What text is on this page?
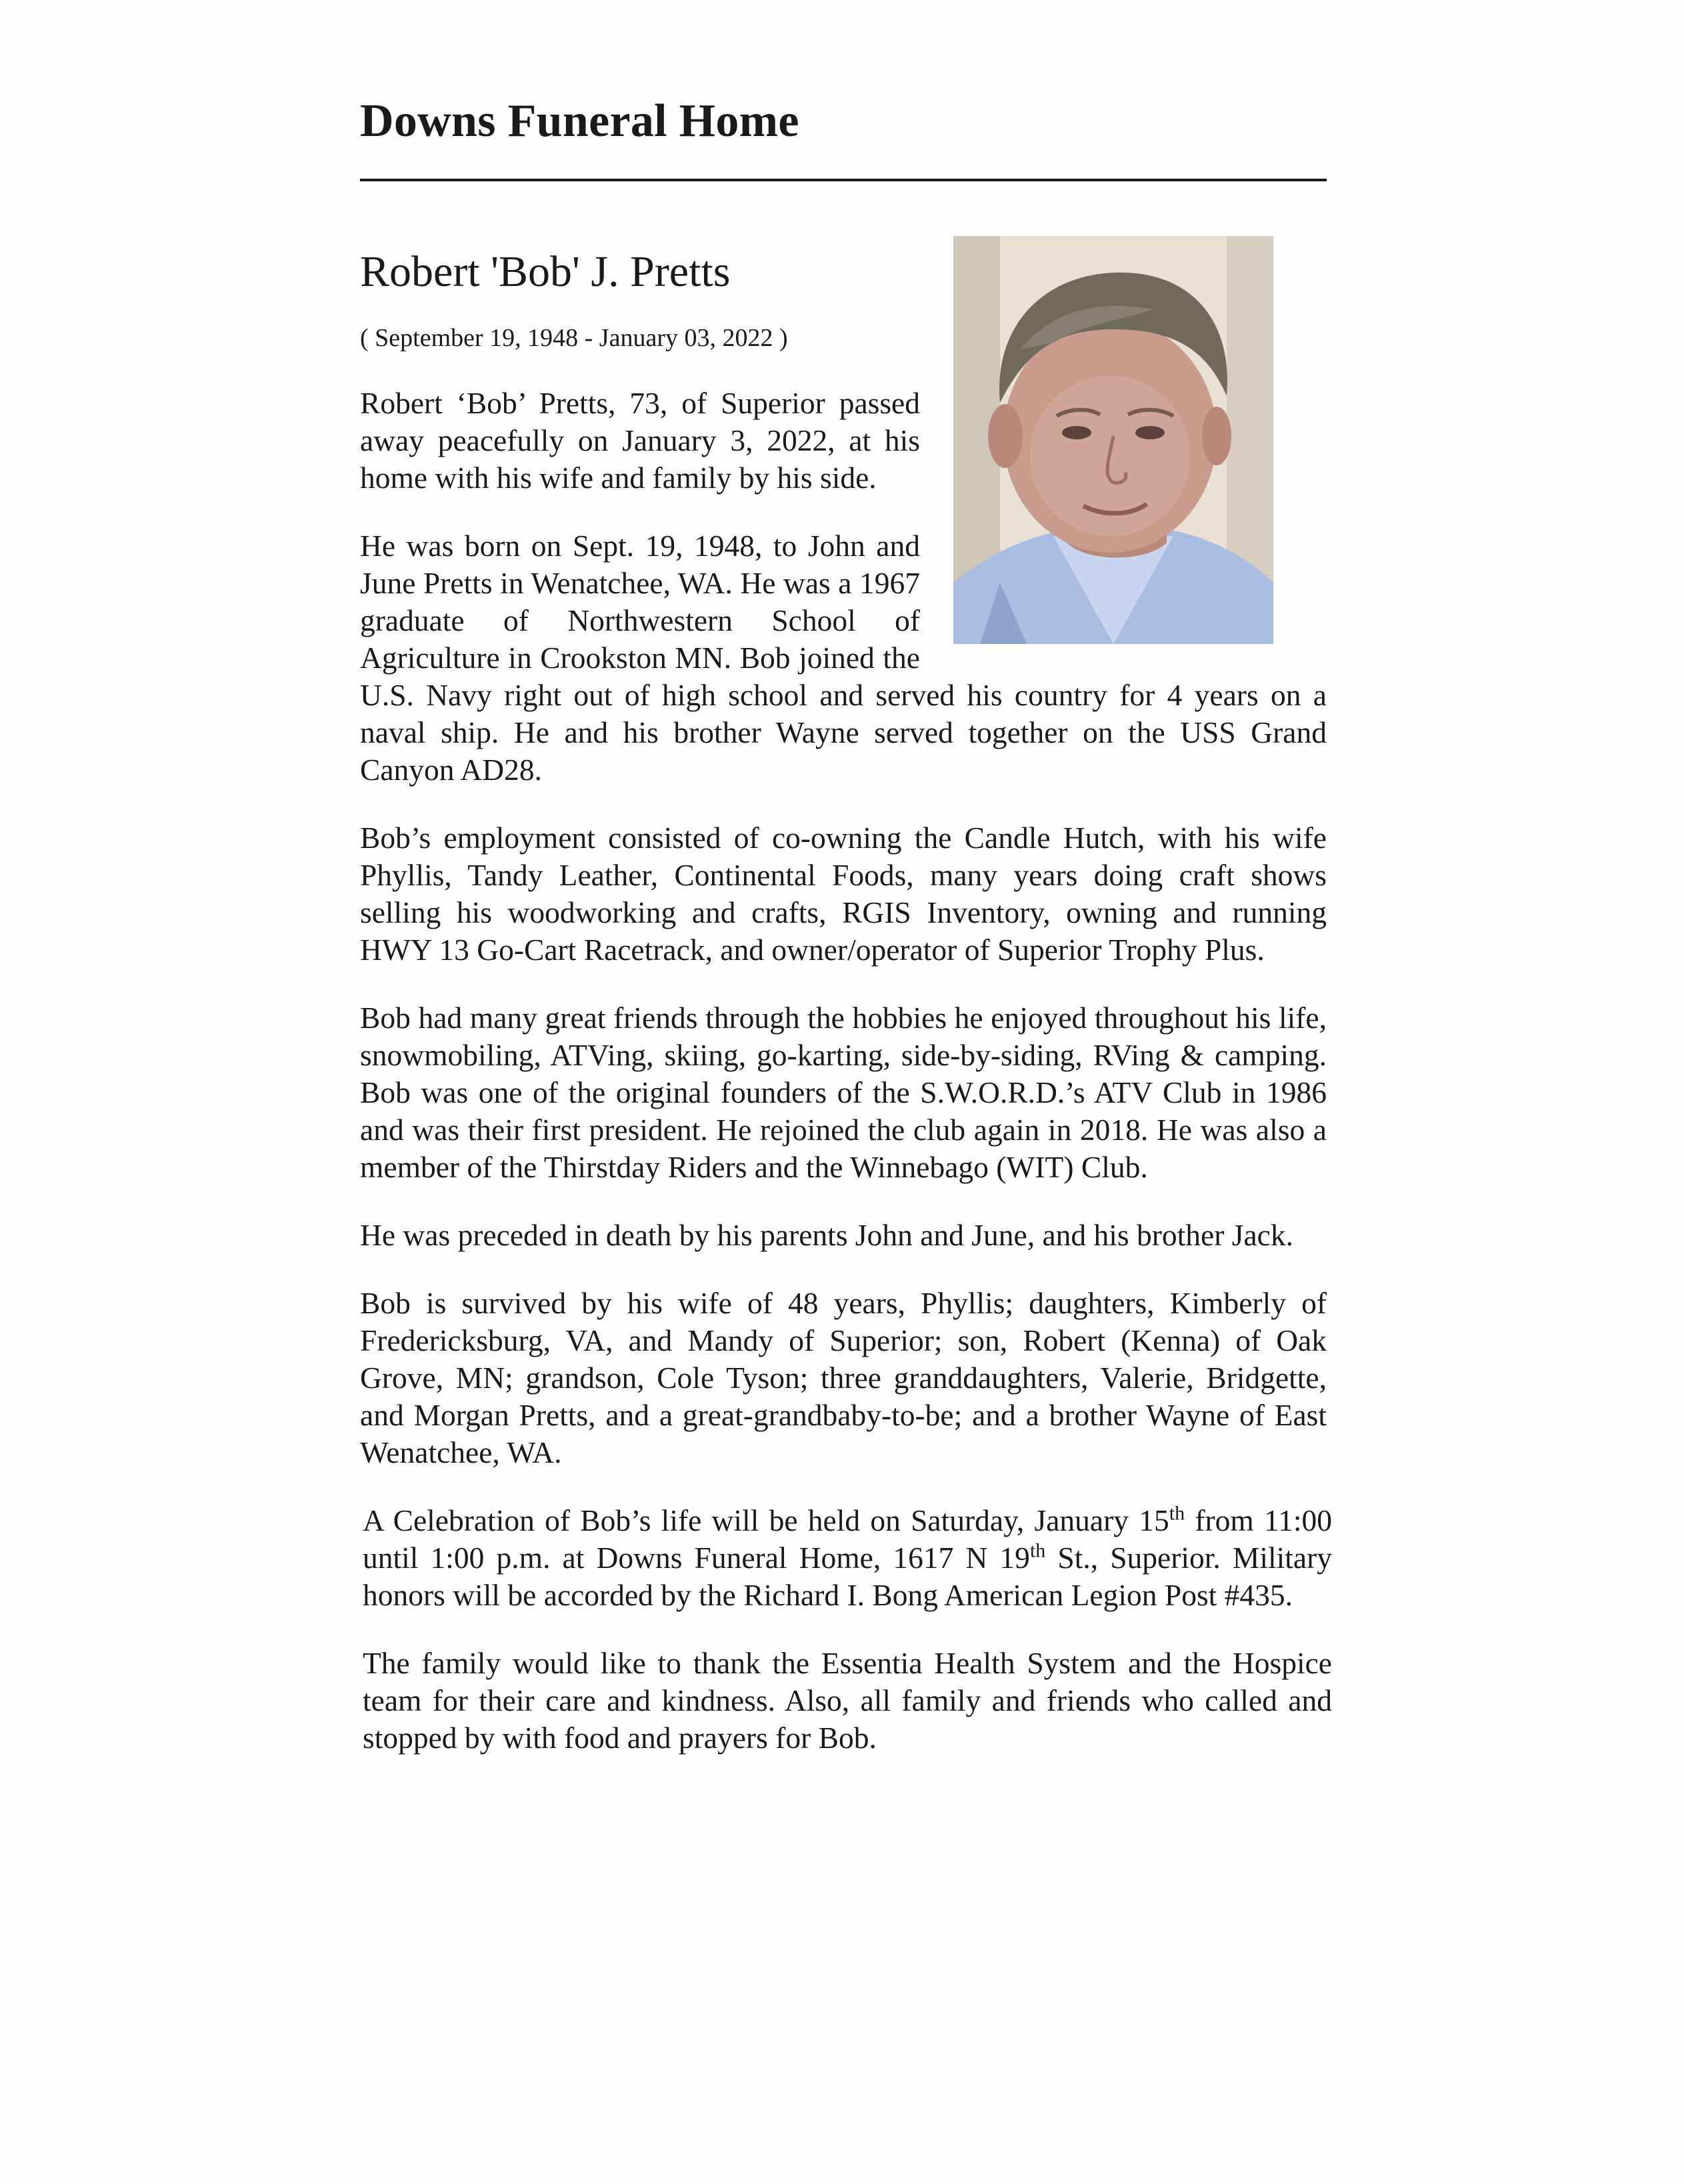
Downs Funeral Home
Robert 'Bob' J. Pretts
( September 19, 1948 - January 03, 2022 )

Robert ‘Bob’ Pretts, 73, of Superior passed away peacefully on January 3, 2022, at his home with his wife and family by his side.

He was born on Sept. 19, 1948, to John and June Pretts in Wenatchee, WA. He was a 1967 graduate of Northwestern School of Agriculture in Crookston MN. Bob joined the U.S. Navy right out of high school and served his country for 4 years on a naval ship. He and his brother Wayne served together on the USS Grand Canyon AD28.

Bob’s employment consisted of co-owning the Candle Hutch, with his wife Phyllis, Tandy Leather, Continental Foods, many years doing craft shows selling his woodworking and crafts, RGIS Inventory, owning and running HWY 13 Go-Cart Racetrack, and owner/operator of Superior Trophy Plus.

Bob had many great friends through the hobbies he enjoyed throughout his life, snowmobiling, ATVing, skiing, go-karting, side-by-siding, RVing & camping. Bob was one of the original founders of the S.W.O.R.D.’s ATV Club in 1986 and was their first president. He rejoined the club again in 2018. He was also a member of the Thirstday Riders and the Winnebago (WIT) Club.

He was preceded in death by his parents John and June, and his brother Jack.

Bob is survived by his wife of 48 years, Phyllis; daughters, Kimberly of Fredericksburg, VA, and Mandy of Superior; son, Robert (Kenna) of Oak Grove, MN; grandson, Cole Tyson; three granddaughters, Valerie, Bridgette, and Morgan Pretts, and a great-grandbaby-to-be; and a brother Wayne of East Wenatchee, WA.

A Celebration of Bob’s life will be held on Saturday, January 15th from 11:00 until 1:00 p.m. at Downs Funeral Home, 1617 N 19th St., Superior. Military honors will be accorded by the Richard I. Bong American Legion Post #435.

The family would like to thank the Essentia Health System and the Hospice team for their care and kindness. Also, all family and friends who called and stopped by with food and prayers for Bob.
